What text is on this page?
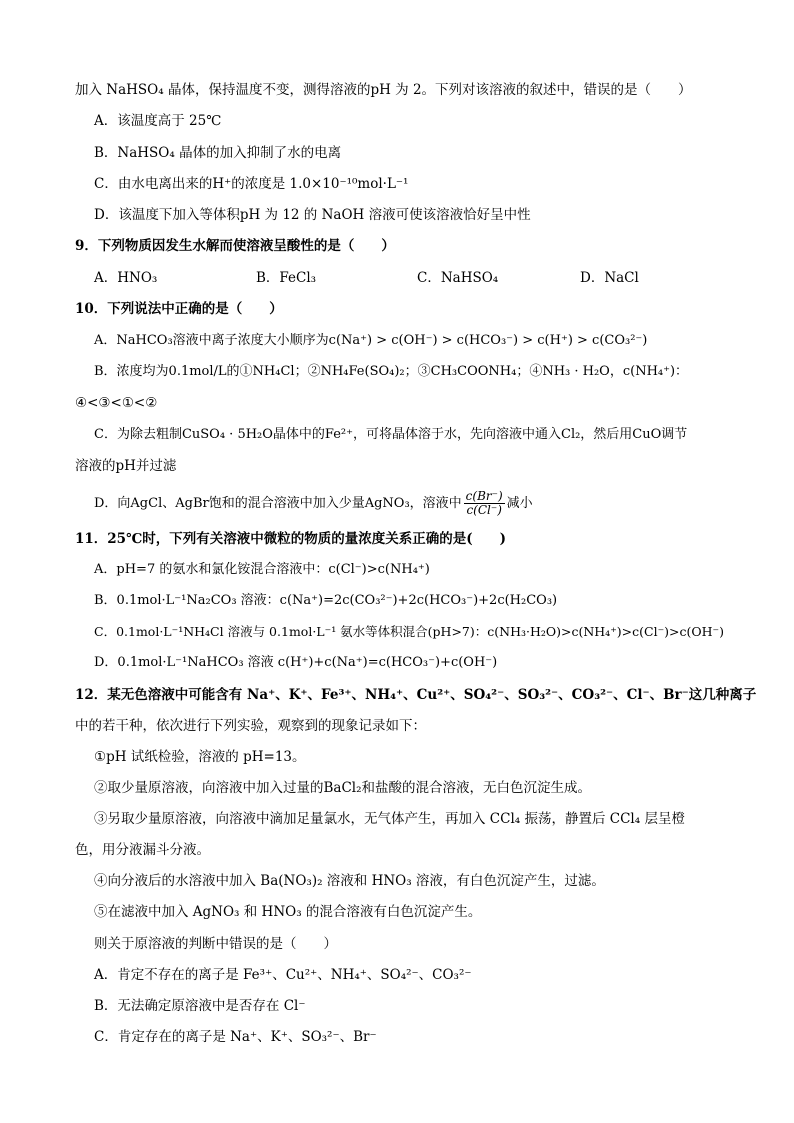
加入 NaHSO₄ 晶体，保持温度不变，测得溶液的pH 为 2。下列对该溶液的叙述中，错误的是（　　）
A．该温度高于 25℃
B．NaHSO₄ 晶体的加入抑制了水的电离
C．由水电离出来的H⁺的浓度是 1.0×10⁻¹⁰mol·L⁻¹
D．该温度下加入等体积pH 为 12 的 NaOH 溶液可使该溶液恰好呈中性
9．下列物质因发生水解而使溶液呈酸性的是（　　）
A．HNO₃	B．FeCl₃	C．NaHSO₄	D．NaCl
10．下列说法中正确的是（　　）
A．NaHCO₃溶液中离子浓度大小顺序为c(Na⁺) > c(OH⁻) > c(HCO₃⁻) > c(H⁺) > c(CO₃²⁻)
B．浓度均为0.1mol/L的①NH₄Cl；②NH₄Fe(SO₄)₂；③CH₃COONH₄；④NH₃ · H₂O，c(NH₄⁺)：
④<③<①<②
C．为除去粗制CuSO₄ · 5H₂O晶体中的Fe²⁺，可将晶体溶于水，先向溶液中通入Cl₂，然后用CuO调节
溶液的pH并过滤
D．向AgCl、AgBr饱和的混合溶液中加入少量AgNO₃，溶液中 $\frac{c(Br^-)}{c(Cl^-)}$ 减小
11．25℃时，下列有关溶液中微粒的物质的量浓度关系正确的是(　　)
A．pH=7 的氨水和氯化铵混合溶液中：c(Cl⁻)>c(NH₄⁺)
B．0.1mol·L⁻¹Na₂CO₃ 溶液：c(Na⁺)=2c(CO₃²⁻)+2c(HCO₃⁻)+2c(H₂CO₃)
C．0.1mol·L⁻¹NH₄Cl 溶液与 0.1mol·L⁻¹ 氨水等体积混合(pH>7)：c(NH₃·H₂O)>c(NH₄⁺)>c(Cl⁻)>c(OH⁻)
D．0.1mol·L⁻¹NaHCO₃ 溶液 c(H⁺)+c(Na⁺)=c(HCO₃⁻)+c(OH⁻)
12．某无色溶液中可能含有 Na⁺、K⁺、Fe³⁺、NH₄⁺、Cu²⁺、SO₄²⁻、SO₃²⁻、CO₃²⁻、Cl⁻、Br⁻这几种离子
中的若干种，依次进行下列实验，观察到的现象记录如下：
①pH 试纸检验，溶液的 pH=13。
②取少量原溶液，向溶液中加入过量的BaCl₂和盐酸的混合溶液，无白色沉淀生成。
③另取少量原溶液，向溶液中滴加足量氯水，无气体产生，再加入 CCl₄ 振荡，静置后 CCl₄ 层呈橙
色，用分液漏斗分液。
④向分液后的水溶液中加入 Ba(NO₃)₂ 溶液和 HNO₃ 溶液，有白色沉淀产生，过滤。
⑤在滤液中加入 AgNO₃ 和 HNO₃ 的混合溶液有白色沉淀产生。
则关于原溶液的判断中错误的是（　　）
A．肯定不存在的离子是 Fe³⁺、Cu²⁺、NH₄⁺、SO₄²⁻、CO₃²⁻
B．无法确定原溶液中是否存在 Cl⁻
C．肯定存在的离子是 Na⁺、K⁺、SO₃²⁻、Br⁻
